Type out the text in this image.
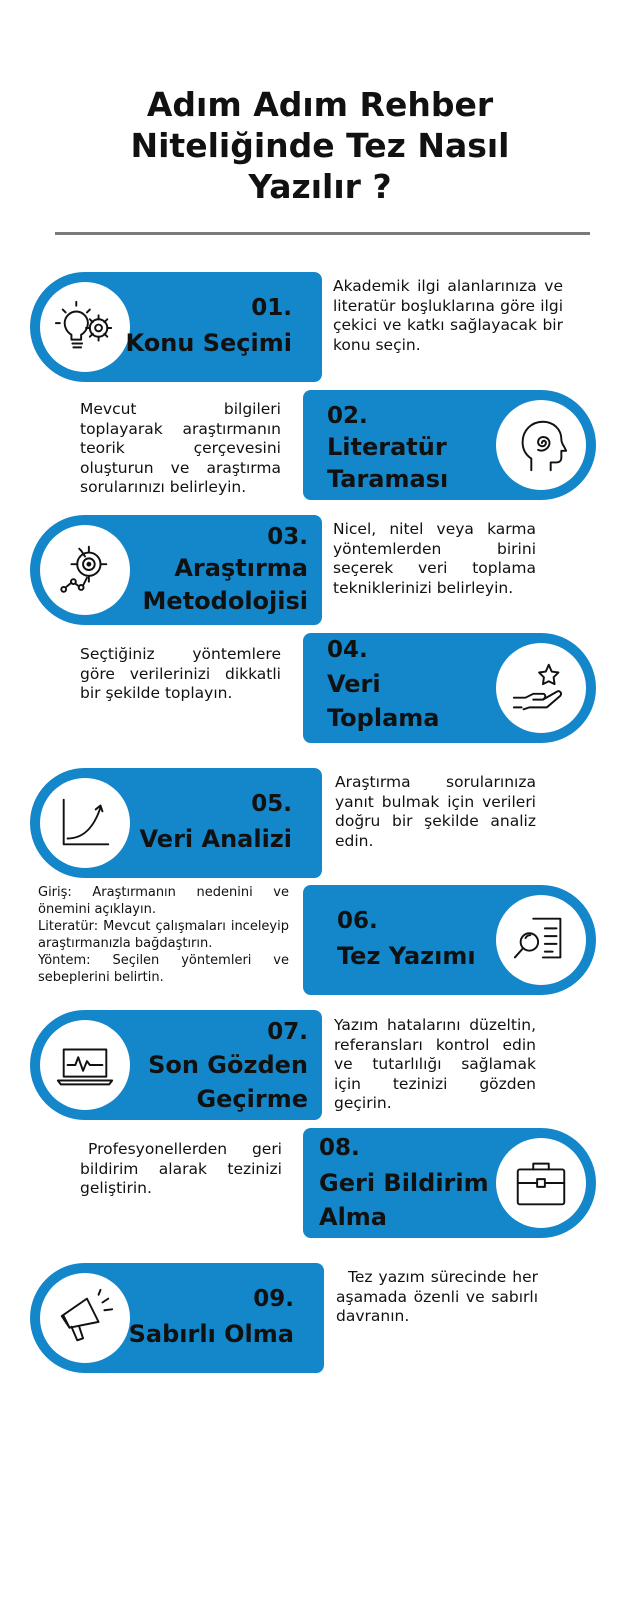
Adım Adım Rehber
Niteliğinde Tez Nasıl
Yazılır ?
01.
Konu Seçimi
Akademik ilgi alanlarınıza ve literatür boşluklarına göre ilgi çekici ve katkı sağlayacak bir konu seçin.
02.
Literatür
Taraması
Mevcut bilgileri toplayarak araştırmanın teorik çerçevesini oluşturun ve araştırma sorularınızı belirleyin.
03.
Araştırma
Metodolojisi
Nicel, nitel veya karma yöntemlerden birini seçerek veri toplama tekniklerinizi belirleyin.
04.
Veri
Toplama
Seçtiğiniz yöntemlere göre verilerinizi dikkatli bir şekilde toplayın.
05.
Veri Analizi
Araştırma sorularınıza yanıt bulmak için verileri doğru bir şekilde analiz edin.
06.
Tez Yazımı
Giriş: Araştırmanın nedenini ve önemini açıklayın.
Literatür: Mevcut çalışmaları inceleyip araştırmanızla bağdaştırın.
Yöntem: Seçilen yöntemleri ve sebeplerini belirtin.
07.
Son Gözden
Geçirme
Yazım hatalarını düzeltin, referansları kontrol edin ve tutarlılığı sağlamak için tezinizi gözden geçirin.
08.
Geri Bildirim
Alma
Profesyonellerden geri bildirim alarak tezinizi geliştirin.
09.
Sabırlı Olma
Tez yazım sürecinde her aşamada özenli ve sabırlı davranın.
